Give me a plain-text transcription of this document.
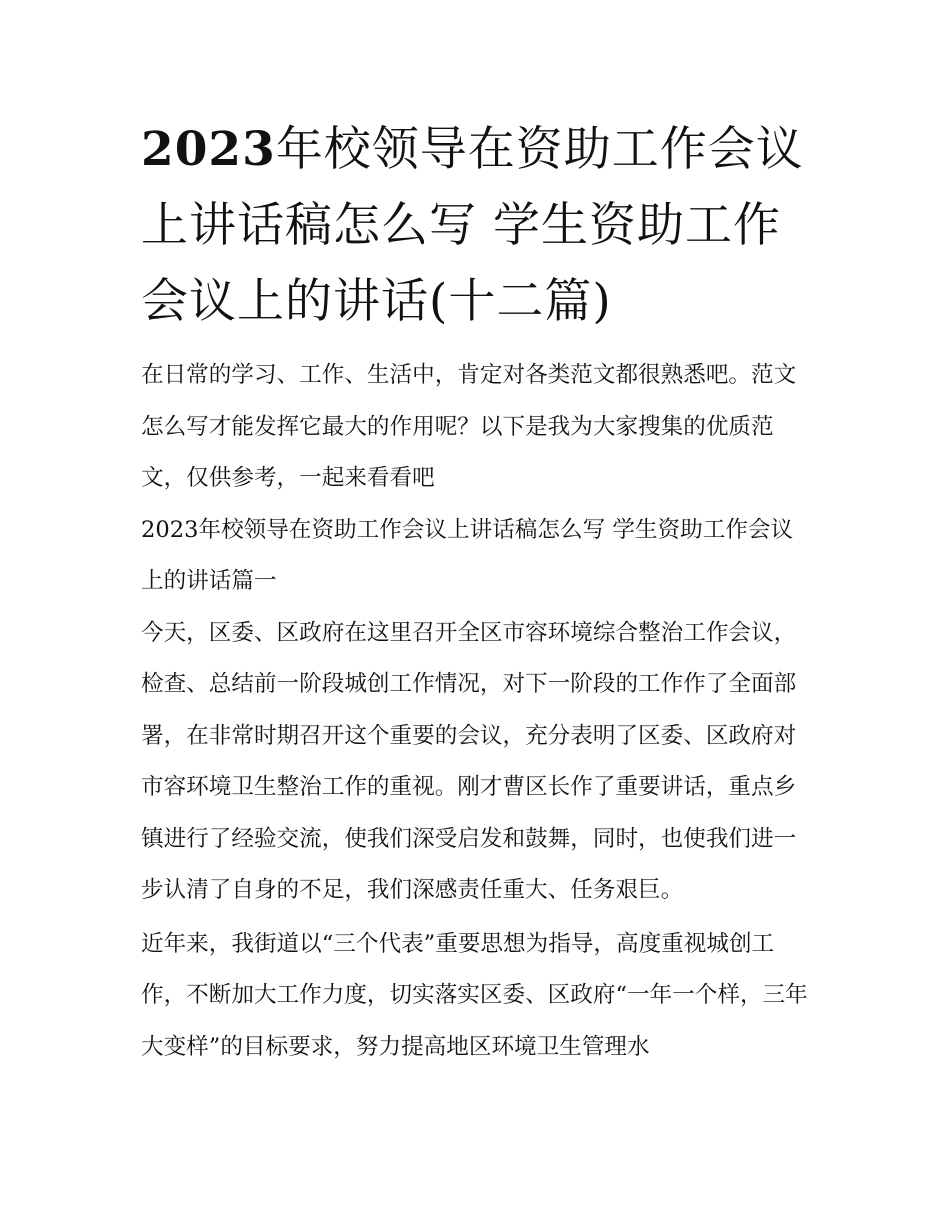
2023年校领导在资助工作会议上讲话稿怎么写 学生资助工作会议上的讲话(十二篇)

在日常的学习、工作、生活中，肯定对各类范文都很熟悉吧。范文怎么写才能发挥它最大的作用呢？以下是我为大家搜集的优质范文，仅供参考，一起来看看吧

2023年校领导在资助工作会议上讲话稿怎么写 学生资助工作会议上的讲话篇一

今天，区委、区政府在这里召开全区市容环境综合整治工作会议，检查、总结前一阶段城创工作情况，对下一阶段的工作作了全面部署，在非常时期召开这个重要的会议，充分表明了区委、区政府对市容环境卫生整治工作的重视。刚才曹区长作了重要讲话，重点乡镇进行了经验交流，使我们深受启发和鼓舞，同时，也使我们进一步认清了自身的不足，我们深感责任重大、任务艰巨。

近年来，我街道以“三个代表”重要思想为指导，高度重视城创工作，不断加大工作力度，切实落实区委、区政府“一年一个样，三年大变样”的目标要求，努力提高地区环境卫生管理水
